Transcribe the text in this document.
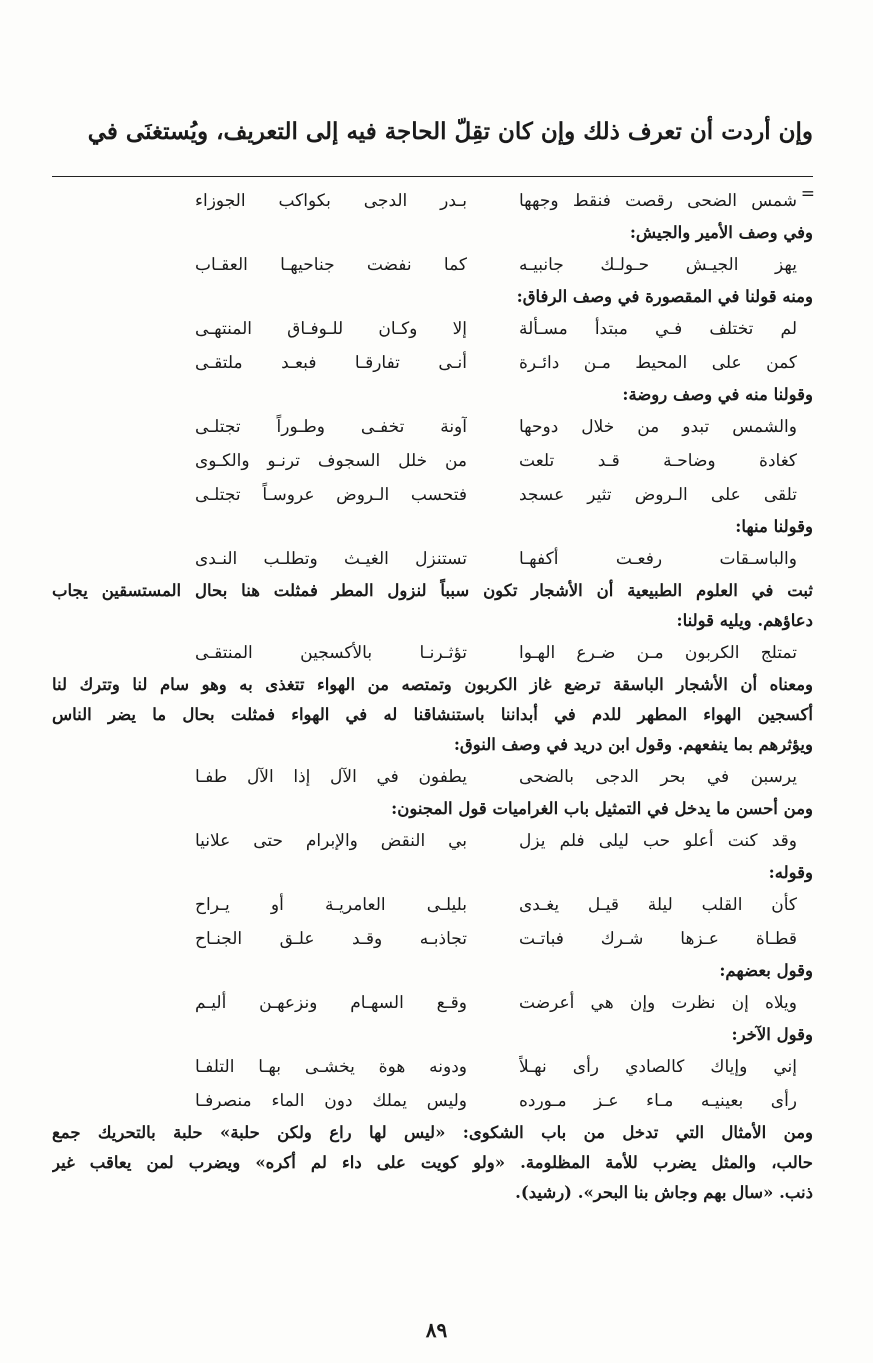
وإن أردت أن تعرف ذلك وإن كان تقِلّ الحاجة فيه إلى التعريف، ويُستغنَى في
=
شمس الضحى رقصت فنقط وجهها
بـدر الدجى بكواكب الجوزاء
وفي وصف الأمير والجيش:
يهز الجيـش حـولـك جانبيـه
كما نفضت جناحيهـا العقـاب
ومنه قولنا في المقصورة في وصف الرفاق:
لم تختلف فـي مبتدأ مسـألة
إلا وكـان للـوفـاق المنتهـى
كمن على المحيط مـن دائـرة
أنـى تفارقـا فبعـد ملتقـى
وقولنا منه في وصف روضة:
والشمس تبدو من خلال دوحها
آونة تخفـى وطـوراً تجتلـى
كغادة وضاحـة قـد تلعت
من خلل السجوف ترنـو والكـوى
تلقى على الـروض تثير عسجد
فتحسب الـروض عروسـاً تجتلـى
وقولنا منها:
والباسـقات رفعـت أكفهـا
تستنزل الغيـث وتطلـب النـدى
ثبت في العلوم الطبيعية أن الأشجار تكون سبباً لنزول المطر فمثلت هنا بحال المستسقين يجاب
دعاؤهم. ويليه قولنا:
تمتلج الكربون مـن ضـرع الهـوا
تؤثـرنـا بالأكسجين المنتقـى
ومعناه أن الأشجار الباسقة ترضع غاز الكربون وتمتصه من الهواء تتغذى به وهو سام لنا وتترك لنا
أكسجين الهواء المطهر للدم في أبداننا باستنشاقنا له في الهواء فمثلت بحال ما يضر الناس
ويؤثرهم بما ينفعهم. وقول ابن دريد في وصف النوق:
يرسبن في بحر الدجى بالضحى
يطفون في الآل إذا الآل طفـا
ومن أحسن ما يدخل في التمثيل باب الغراميات قول المجنون:
وقد كنت أعلو حب ليلى فلم يزل
بي النقض والإبرام حتى علانيا
وقوله:
كأن القلب ليلة قيـل يغـدى
بليلـى العامريـة أو يـراح
قطـاة عـزها شـرك فباتـت
تجاذبـه وقـد علـق الجنـاح
وقول بعضهم:
ويلاه إن نظرت وإن هي أعرضت
وقـع السهـام ونزعهـن أليـم
وقول الآخر:
إني وإياك كالصادي رأى نهـلاً
ودونه هوة يخشـى بهـا التلفـا
رأى بعينيـه مـاء عـز مـورده
وليس يملك دون الماء منصرفـا
ومن الأمثال التي تدخل من باب الشكوى: «ليس لها راع ولكن حلبة» حلبة بالتحريك جمع
حالب، والمثل يضرب للأمة المظلومة. «ولو كويت على داء لم أكره» ويضرب لمن يعاقب غير
ذنب. «سال بهم وجاش بنا البحر». (رشيد).
٨٩
